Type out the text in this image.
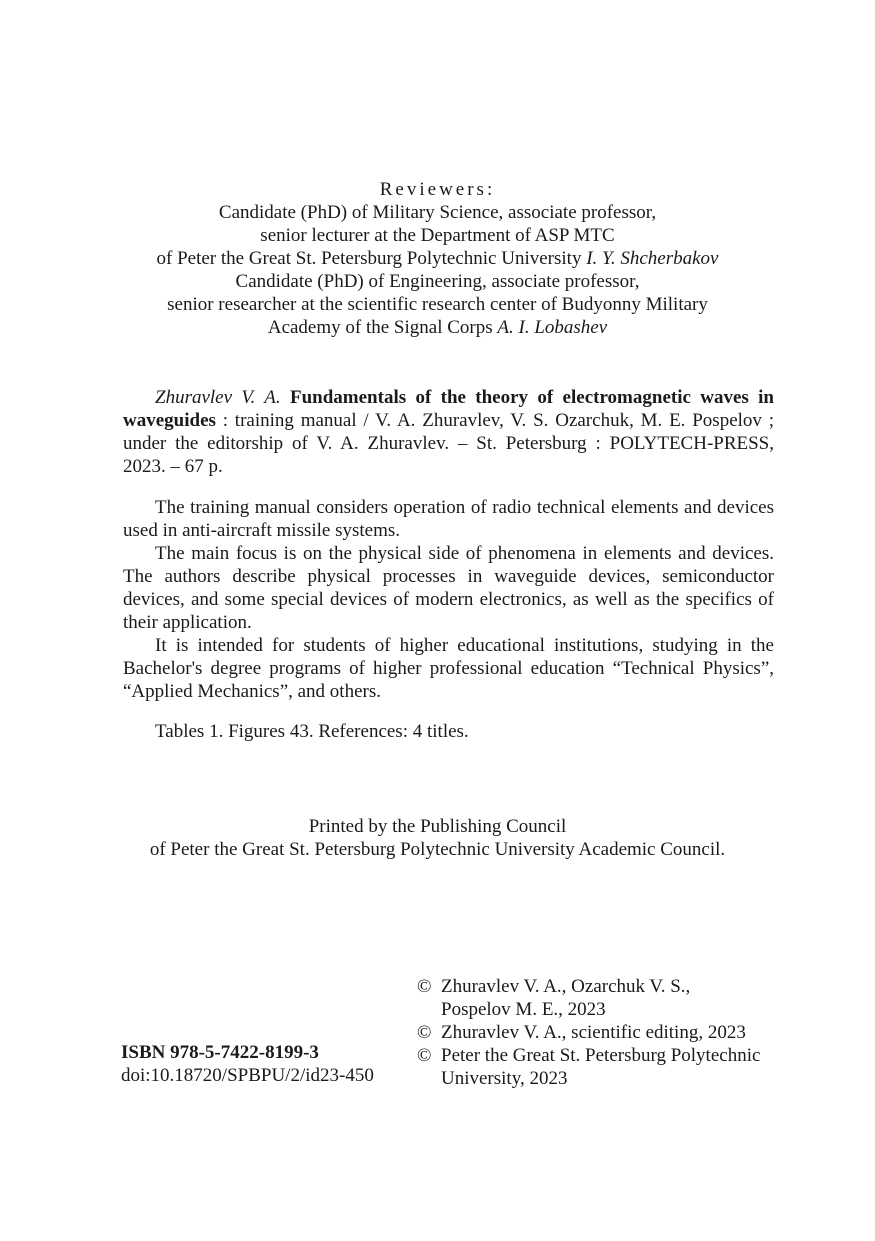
Reviewers:
Candidate (PhD) of Military Science, associate professor,
senior lecturer at the Department of ASP MTC
of Peter the Great St. Petersburg Polytechnic University I. Y. Shcherbakov
Candidate (PhD) of Engineering, associate professor,
senior researcher at the scientific research center of Budyonny Military
Academy of the Signal Corps A. I. Lobashev

Zhuravlev V. A. Fundamentals of the theory of electromagnetic waves in waveguides : training manual / V. A. Zhuravlev, V. S. Ozarchuk, M. E. Pospelov ; under the editorship of V. A. Zhuravlev. – St. Petersburg : POLYTECH-PRESS, 2023. – 67 p.

The training manual considers operation of radio technical elements and devices used in anti-aircraft missile systems.

The main focus is on the physical side of phenomena in elements and devices. The authors describe physical processes in waveguide devices, semiconductor devices, and some special devices of modern electronics, as well as the specifics of their application.

It is intended for students of higher educational institutions, studying in the Bachelor's degree programs of higher professional education “Technical Physics”, “Applied Mechanics”, and others.

Tables 1. Figures 43. References: 4 titles.

Printed by the Publishing Council
of Peter the Great St. Petersburg Polytechnic University Academic Council.
ISBN 978-5-7422-8199-3
doi:10.18720/SPBPU/2/id23-450
© Zhuravlev V. A., Ozarchuk V. S.,
Pospelov M. E., 2023
© Zhuravlev V. A., scientific editing, 2023
© Peter the Great St. Petersburg Polytechnic
University, 2023
